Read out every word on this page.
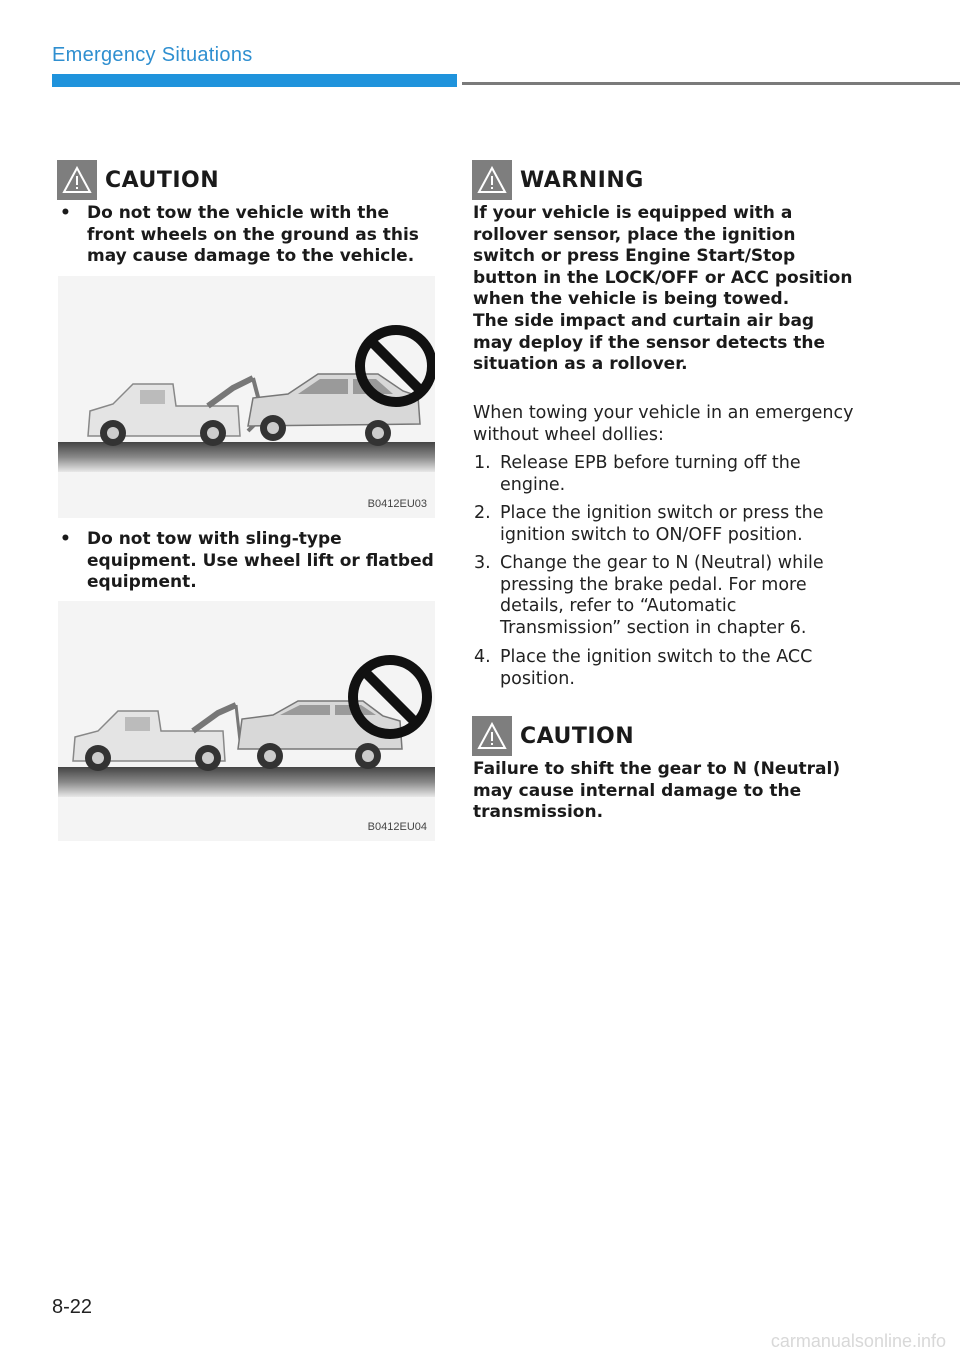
Emergency Situations
CAUTION
• Do not tow the vehicle with the front wheels on the ground as this may cause damage to the vehicle.
B0412EU03
• Do not tow with sling-type equipment. Use wheel lift or flatbed equipment.
B0412EU04
WARNING
If your vehicle is equipped with a rollover sensor, place the ignition switch or press Engine Start/Stop button in the LOCK/OFF or ACC position when the vehicle is being towed.
The side impact and curtain air bag may deploy if the sensor detects the situation as a rollover.
When towing your vehicle in an emergency without wheel dollies:
1. Release EPB before turning off the engine.
2. Place the ignition switch or press the ignition switch to ON/OFF position.
3. Change the gear to N (Neutral) while pressing the brake pedal. For more details, refer to “Automatic Transmission” section in chapter 6.
4. Place the ignition switch to the ACC position.
CAUTION
Failure to shift the gear to N (Neutral) may cause internal damage to the transmission.
8-22
carmanualsonline.info
